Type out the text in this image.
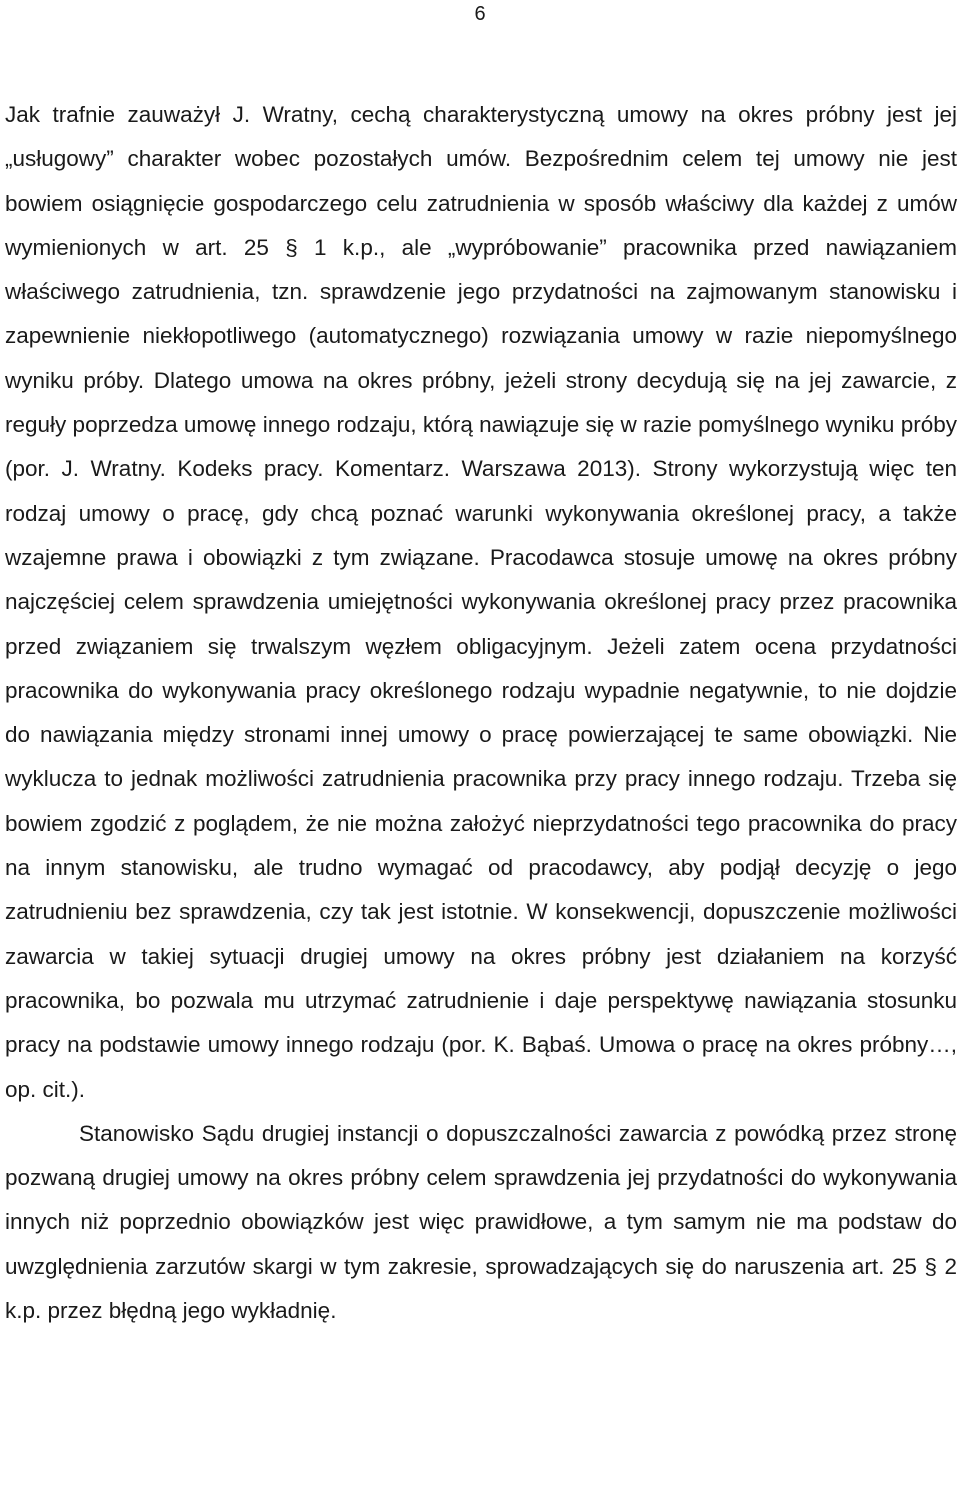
6

Jak trafnie zauważył J. Wratny, cechą charakterystyczną umowy na okres próbny jest jej „usługowy” charakter wobec pozostałych umów. Bezpośrednim celem tej umowy nie jest bowiem osiągnięcie gospodarczego celu zatrudnienia w sposób właściwy dla każdej z umów wymienionych w art. 25 § 1 k.p., ale „wypróbowanie” pracownika przed nawiązaniem właściwego zatrudnienia, tzn. sprawdzenie jego przydatności na zajmowanym stanowisku i zapewnienie niekłopotliwego (automatycznego) rozwiązania umowy w razie niepomyślnego wyniku próby. Dlatego umowa na okres próbny, jeżeli strony decydują się na jej zawarcie, z reguły poprzedza umowę innego rodzaju, którą nawiązuje się w razie pomyślnego wyniku próby (por. J. Wratny. Kodeks pracy. Komentarz. Warszawa 2013). Strony wykorzystują więc ten rodzaj umowy o pracę, gdy chcą poznać warunki wykonywania określonej pracy, a także wzajemne prawa i obowiązki z tym związane. Pracodawca stosuje umowę na okres próbny najczęściej celem sprawdzenia umiejętności wykonywania określonej pracy przez pracownika przed związaniem się trwalszym węzłem obligacyjnym. Jeżeli zatem ocena przydatności pracownika do wykonywania pracy określonego rodzaju wypadnie negatywnie, to nie dojdzie do nawiązania między stronami innej umowy o pracę powierzającej te same obowiązki. Nie wyklucza to jednak możliwości zatrudnienia pracownika przy pracy innego rodzaju. Trzeba się bowiem zgodzić z poglądem, że nie można założyć nieprzydatności tego pracownika do pracy na innym stanowisku, ale trudno wymagać od pracodawcy, aby podjął decyzję o jego zatrudnieniu bez sprawdzenia, czy tak jest istotnie. W konsekwencji, dopuszczenie możliwości zawarcia w takiej sytuacji drugiej umowy na okres próbny jest działaniem na korzyść pracownika, bo pozwala mu utrzymać zatrudnienie i daje perspektywę nawiązania stosunku pracy na podstawie umowy innego rodzaju (por. K. Bąbaś. Umowa o pracę na okres próbny…, op. cit.).

Stanowisko Sądu drugiej instancji o dopuszczalności zawarcia z powódką przez stronę pozwaną drugiej umowy na okres próbny celem sprawdzenia jej przydatności do wykonywania innych niż poprzednio obowiązków jest więc prawidłowe, a tym samym nie ma podstaw do uwzględnienia zarzutów skargi w tym zakresie, sprowadzających się do naruszenia art. 25 § 2 k.p. przez błędną jego wykładnię.
